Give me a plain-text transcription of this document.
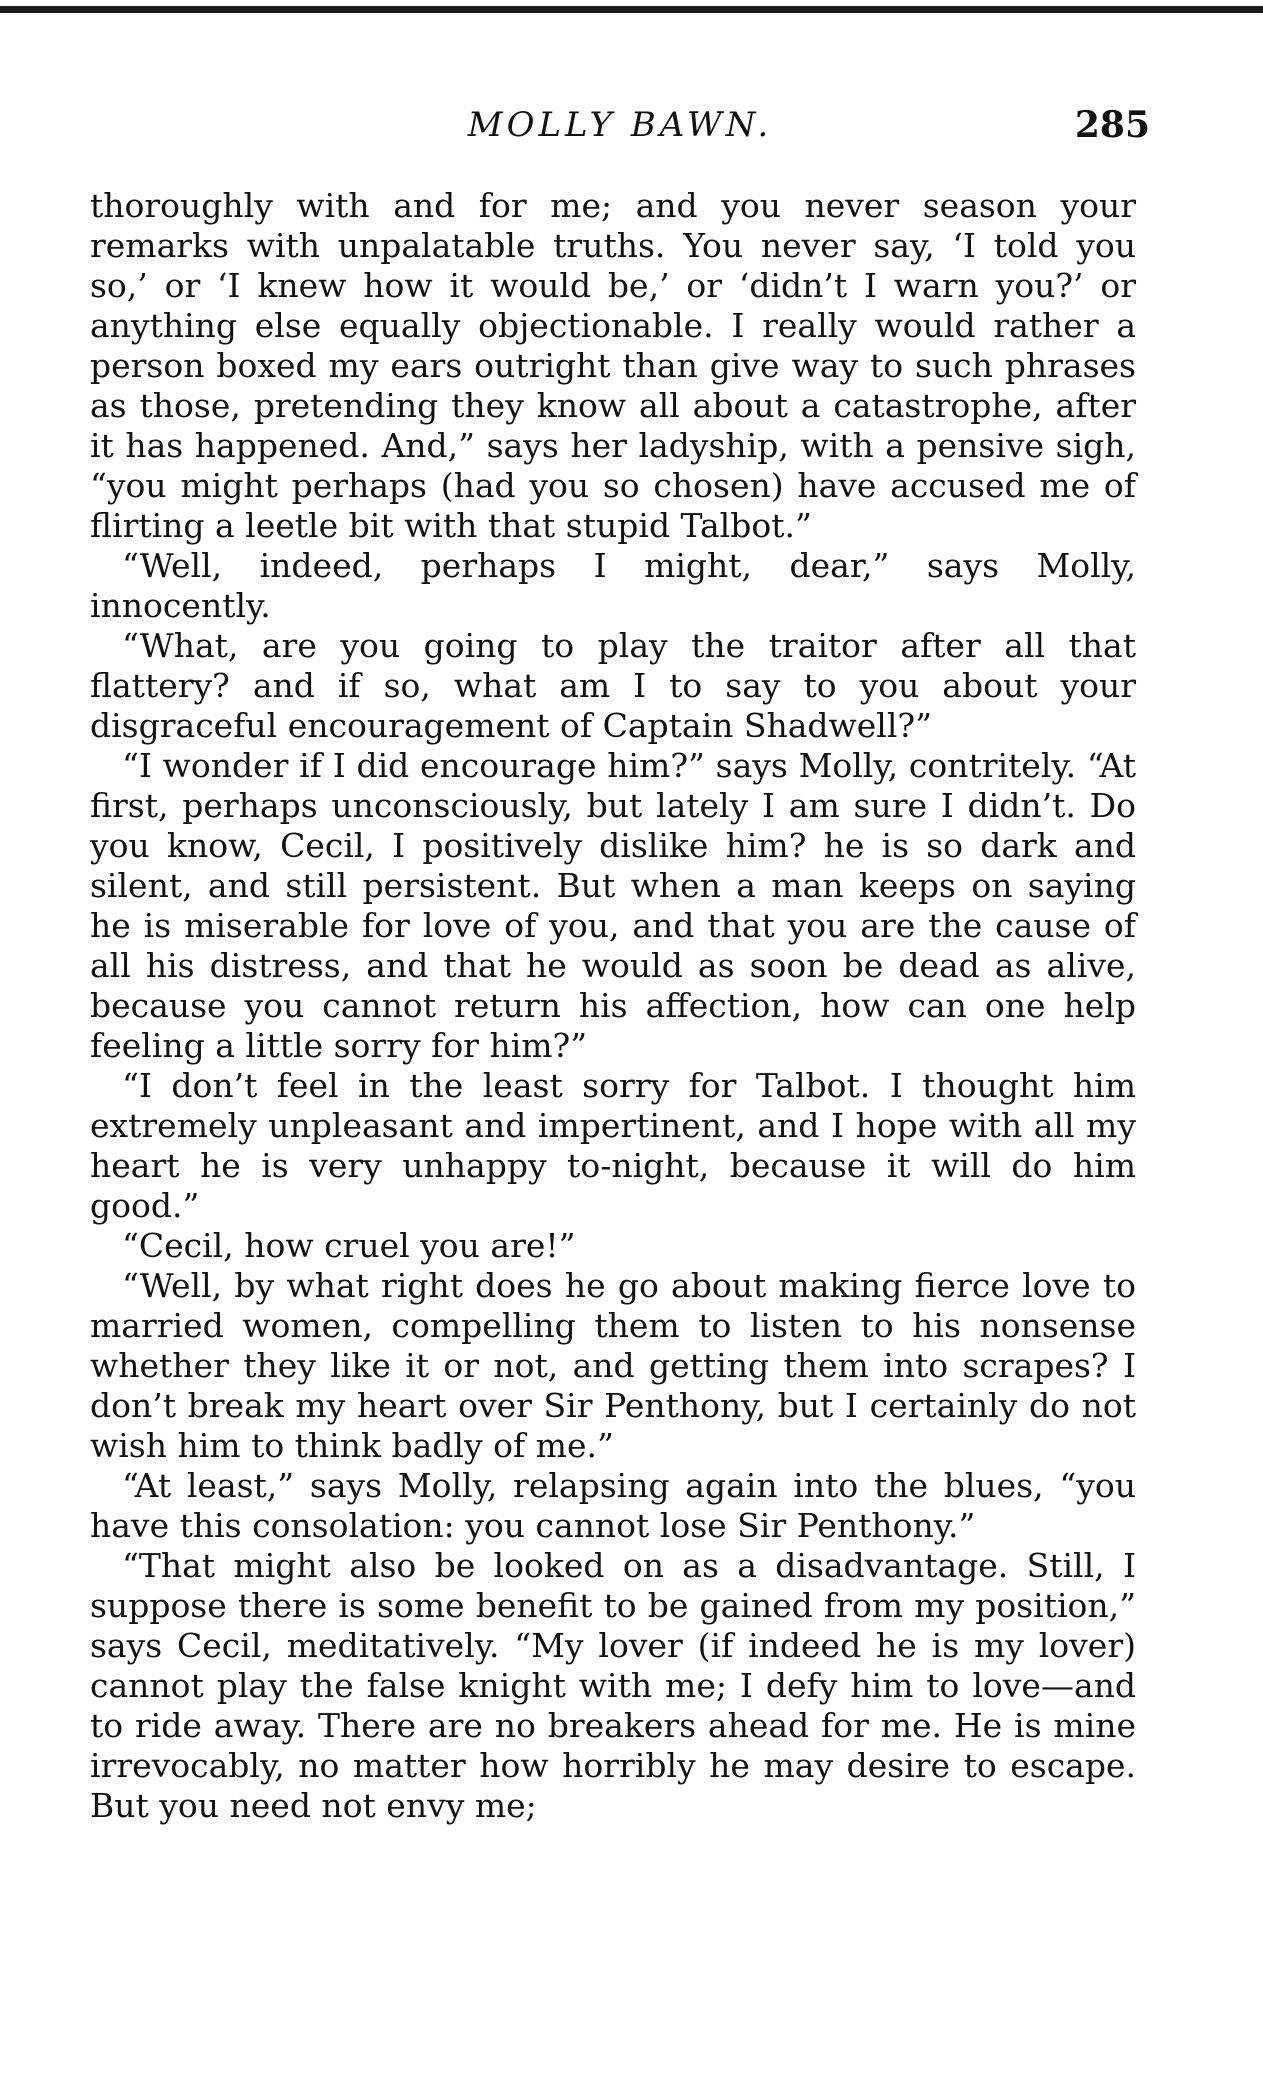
MOLLY BAWN.	285

thoroughly with and for me; and you never season your remarks with unpalatable truths. You never say, ‘I told you so,’ or ‘I knew how it would be,’ or ‘didn’t I warn you?’ or anything else equally objectionable. I really would rather a person boxed my ears outright than give way to such phrases as those, pretending they know all about a catastrophe, after it has happened. And,” says her ladyship, with a pensive sigh, “you might perhaps (had you so chosen) have accused me of flirting a leetle bit with that stupid Talbot.”

“Well, indeed, perhaps I might, dear,” says Molly, innocently.

“What, are you going to play the traitor after all that flattery? and if so, what am I to say to you about your disgraceful encouragement of Captain Shadwell?”

“I wonder if I did encourage him?” says Molly, contritely. “At first, perhaps unconsciously, but lately I am sure I didn’t. Do you know, Cecil, I positively dislike him? he is so dark and silent, and still persistent. But when a man keeps on saying he is miserable for love of you, and that you are the cause of all his distress, and that he would as soon be dead as alive, because you cannot return his affection, how can one help feeling a little sorry for him?”

“I don’t feel in the least sorry for Talbot. I thought him extremely unpleasant and impertinent, and I hope with all my heart he is very unhappy to-night, because it will do him good.”

“Cecil, how cruel you are!”

“Well, by what right does he go about making fierce love to married women, compelling them to listen to his nonsense whether they like it or not, and getting them into scrapes? I don’t break my heart over Sir Penthony, but I certainly do not wish him to think badly of me.”

“At least,” says Molly, relapsing again into the blues, “you have this consolation: you cannot lose Sir Penthony.”

“That might also be looked on as a disadvantage. Still, I suppose there is some benefit to be gained from my position,” says Cecil, meditatively. “My lover (if indeed he is my lover) cannot play the false knight with me; I defy him to love—and to ride away. There are no breakers ahead for me. He is mine irrevocably, no matter how horribly he may desire to escape. But you need not envy me;
